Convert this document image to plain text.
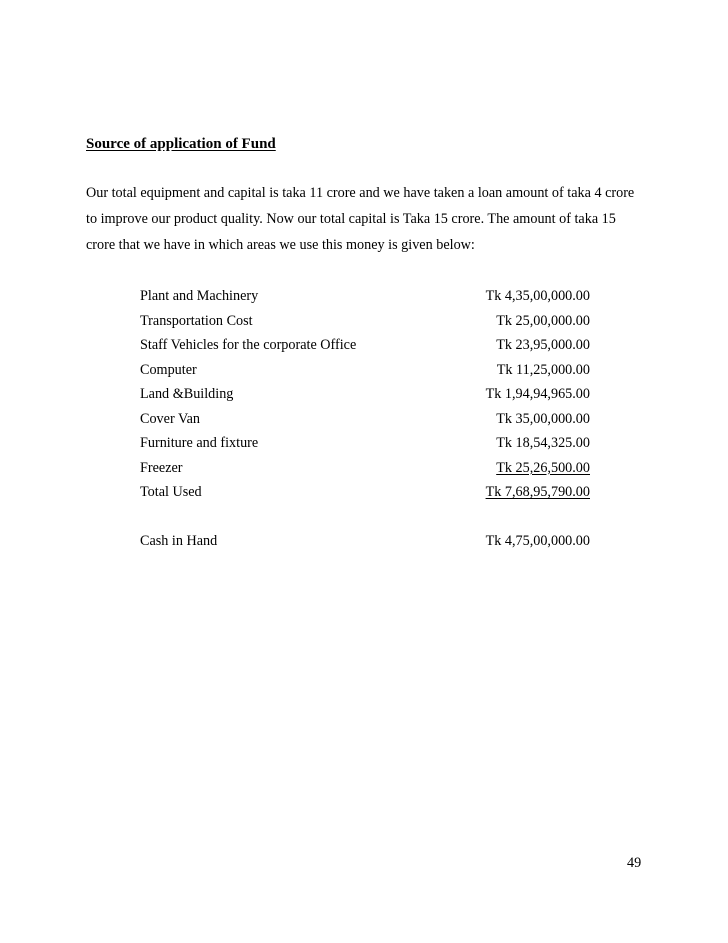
Source of application of Fund

Our total equipment and capital is taka 11 crore and we have taken a loan amount of taka 4 crore
to improve our product quality. Now our total capital is Taka 15 crore. The amount of taka 15
crore that we have in which areas we use this money is given below:

Plant and Machinery	Tk 4,35,00,000.00
Transportation Cost	Tk 25,00,000.00
Staff Vehicles for the corporate Office	Tk 23,95,000.00
Computer	Tk 11,25,000.00
Land &Building	Tk 1,94,94,965.00
Cover Van	Tk 35,00,000.00
Furniture and fixture	Tk 18,54,325.00
Freezer	Tk 25,26,500.00
Total Used	Tk 7,68,95,790.00
Cash in Hand	Tk 4,75,00,000.00
49
